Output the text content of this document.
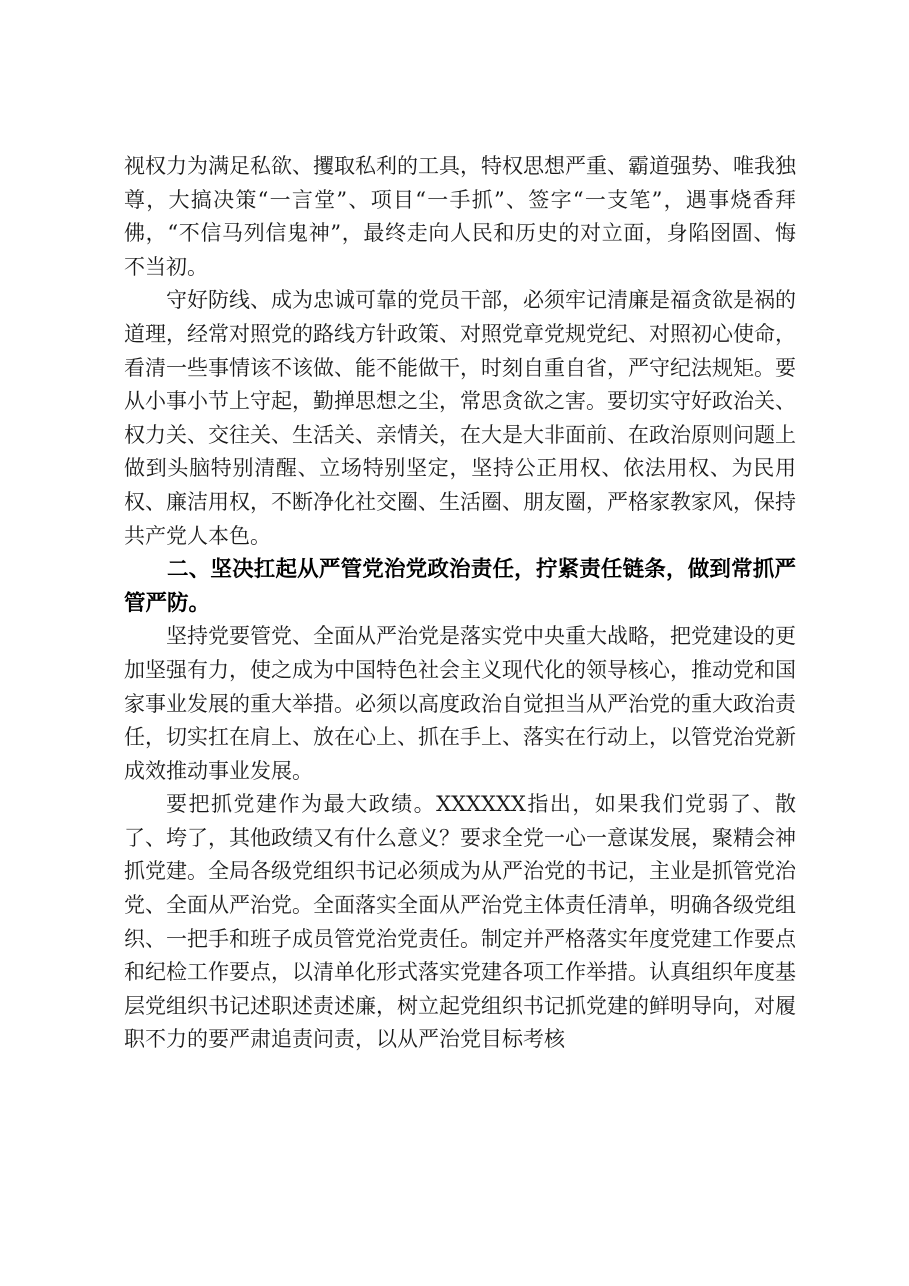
视权力为满足私欲、攫取私利的工具，特权思想严重、霸道强势、唯我独尊，大搞决策“一言堂”、项目“一手抓”、签字“一支笔”，遇事烧香拜佛，“不信马列信鬼神”，最终走向人民和历史的对立面，身陷囹圄、悔不当初。

守好防线、成为忠诚可靠的党员干部，必须牢记清廉是福贪欲是祸的道理，经常对照党的路线方针政策、对照党章党规党纪、对照初心使命，看清一些事情该不该做、能不能做干，时刻自重自省，严守纪法规矩。要从小事小节上守起，勤掸思想之尘，常思贪欲之害。要切实守好政治关、权力关、交往关、生活关、亲情关，在大是大非面前、在政治原则问题上做到头脑特别清醒、立场特别坚定，坚持公正用权、依法用权、为民用权、廉洁用权，不断净化社交圈、生活圈、朋友圈，严格家教家风，保持共产党人本色。

二、坚决扛起从严管党治党政治责任，拧紧责任链条，做到常抓严管严防。

坚持党要管党、全面从严治党是落实党中央重大战略，把党建设的更加坚强有力，使之成为中国特色社会主义现代化的领导核心，推动党和国家事业发展的重大举措。必须以高度政治自觉担当从严治党的重大政治责任，切实扛在肩上、放在心上、抓在手上、落实在行动上，以管党治党新成效推动事业发展。

要把抓党建作为最大政绩。XXXXXX指出，如果我们党弱了、散了、垮了，其他政绩又有什么意义？要求全党一心一意谋发展，聚精会神抓党建。全局各级党组织书记必须成为从严治党的书记，主业是抓管党治党、全面从严治党。全面落实全面从严治党主体责任清单，明确各级党组织、一把手和班子成员管党治党责任。制定并严格落实年度党建工作要点和纪检工作要点，以清单化形式落实党建各项工作举措。认真组织年度基层党组织书记述职述责述廉，树立起党组织书记抓党建的鲜明导向，对履职不力的要严肃追责问责，以从严治党目标考核
